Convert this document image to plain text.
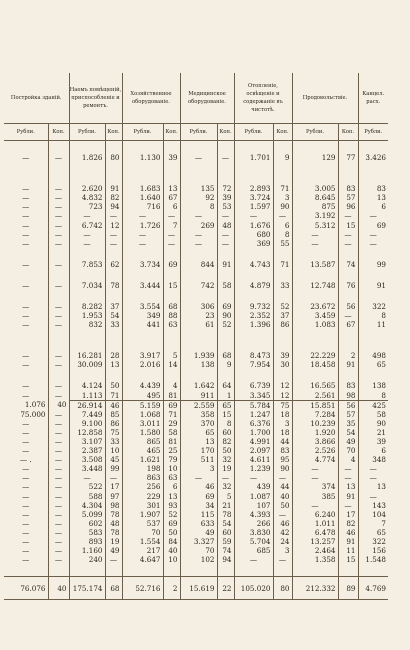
Постройка зданій.		Наемъ помѣщеній, приспособленіе и ремонтъ.		Хозяйственное оборудованіе.		Медицинское оборудованіе.		Отопленіе, освѣщеніе и содержаніе въ чистотѣ.		Продовольствіе.		Канцел. расх.
Рубли.	Коп.	Рубли.	Коп.	Рубли.	Коп.	Рубли.	Коп.	Рубли.	Коп.	Рубли.	Коп.	Рубли.

—	—	1.826	80	1.130	39	—	—	1.701	9	129	77	3.426

—	—	2.620	91	1.683	13	135	72	2.893	71	3.005	83	83
—	—	4.832	82	1.640	67	92	39	3.724	3	8.645	57	13
—	—	723	94	716	6	8	53	1.597	90	875	96	6
—	—	—	—	—	—	—	—	—	—	3.192	—	—
—	—	6.742	12	1.726	7	269	48	1.676	6	5.312	15	69
—	—	—	—	—	—	—	—	680	8	—	—	—
—	—	—	—	—	—	—	—	369	55	—	—	—

—	—	7.853	62	3.734	69	844	91	4.743	71	13.587	74	99

—	—	7.034	78	3.444	15	742	58	4.879	33	12.748	76	91

—	—	8.282	37	3.554	68	306	69	9.732	52	23.672	56	322
—	—	1.953	54	349	88	23	90	2.352	37	3.459	—	8
—	—	832	33	441	63	61	52	1.396	86	1.083	67	11

—	—	16.281	28	3.917	5	1.939	68	8.473	39	22.229	2	498
—	—	30.009	13	2.016	14	138	9	7.954	30	18.458	91	65

—	—	4.124	50	4.439	4	1.642	64	6.739	12	16.565	83	138
—	—	1.113	71	495	81	911	1	3.345	12	2.561	98	8
1.076	40	26.914	46	5.159	69	2.559	65	5.784	75	15.851	56	425
75.000	—	7.449	85	1.068	71	358	15	1.247	18	7.284	57	58
—	—	9.100	86	3.011	29	370	8	6.376	3	10.239	35	90
—	—	12.858	75	1.580	58	65	60	1.700	18	1.920	54	21
—	—	3.107	33	865	81	13	82	4.991	44	3.866	49	39
—	—	2.387	10	465	25	170	50	2.097	83	2.526	70	6
— .	—	3.508	45	1.621	79	511	32	4.611	95	4.774	4	348
—	—	3.448	99	198	10	3	19	1.239	90	—	—	—
—	—	—	—	863	63	—	—	—	—	—	—	—
—	—	522	17	256	6	46	32	439	44	374	13	13
—	—	588	97	229	13	69	5	1.087	40	385	91	—
—	—	4.304	98	301	93	34	21	107	50	—	—	143
—	—	5.099	78	1.907	52	115	78	4.393	—	6.240	17	104
—	—	602	48	537	69	633	54	266	46	1.011	82	7
—	—	583	78	70	50	49	60	3.830	42	6.478	46	65
—	—	893	19	1.554	84	3.327	59	5.704	24	13.257	91	322
—	—	1.160	49	217	40	70	74	685	3	2.464	11	156
—	—	240	—	4.647	10	102	94	—	—	1.358	15	1.548

76.076	40	175.174	68	52.716	2	15.619	22	105.020	80	212.332	89	4.769
